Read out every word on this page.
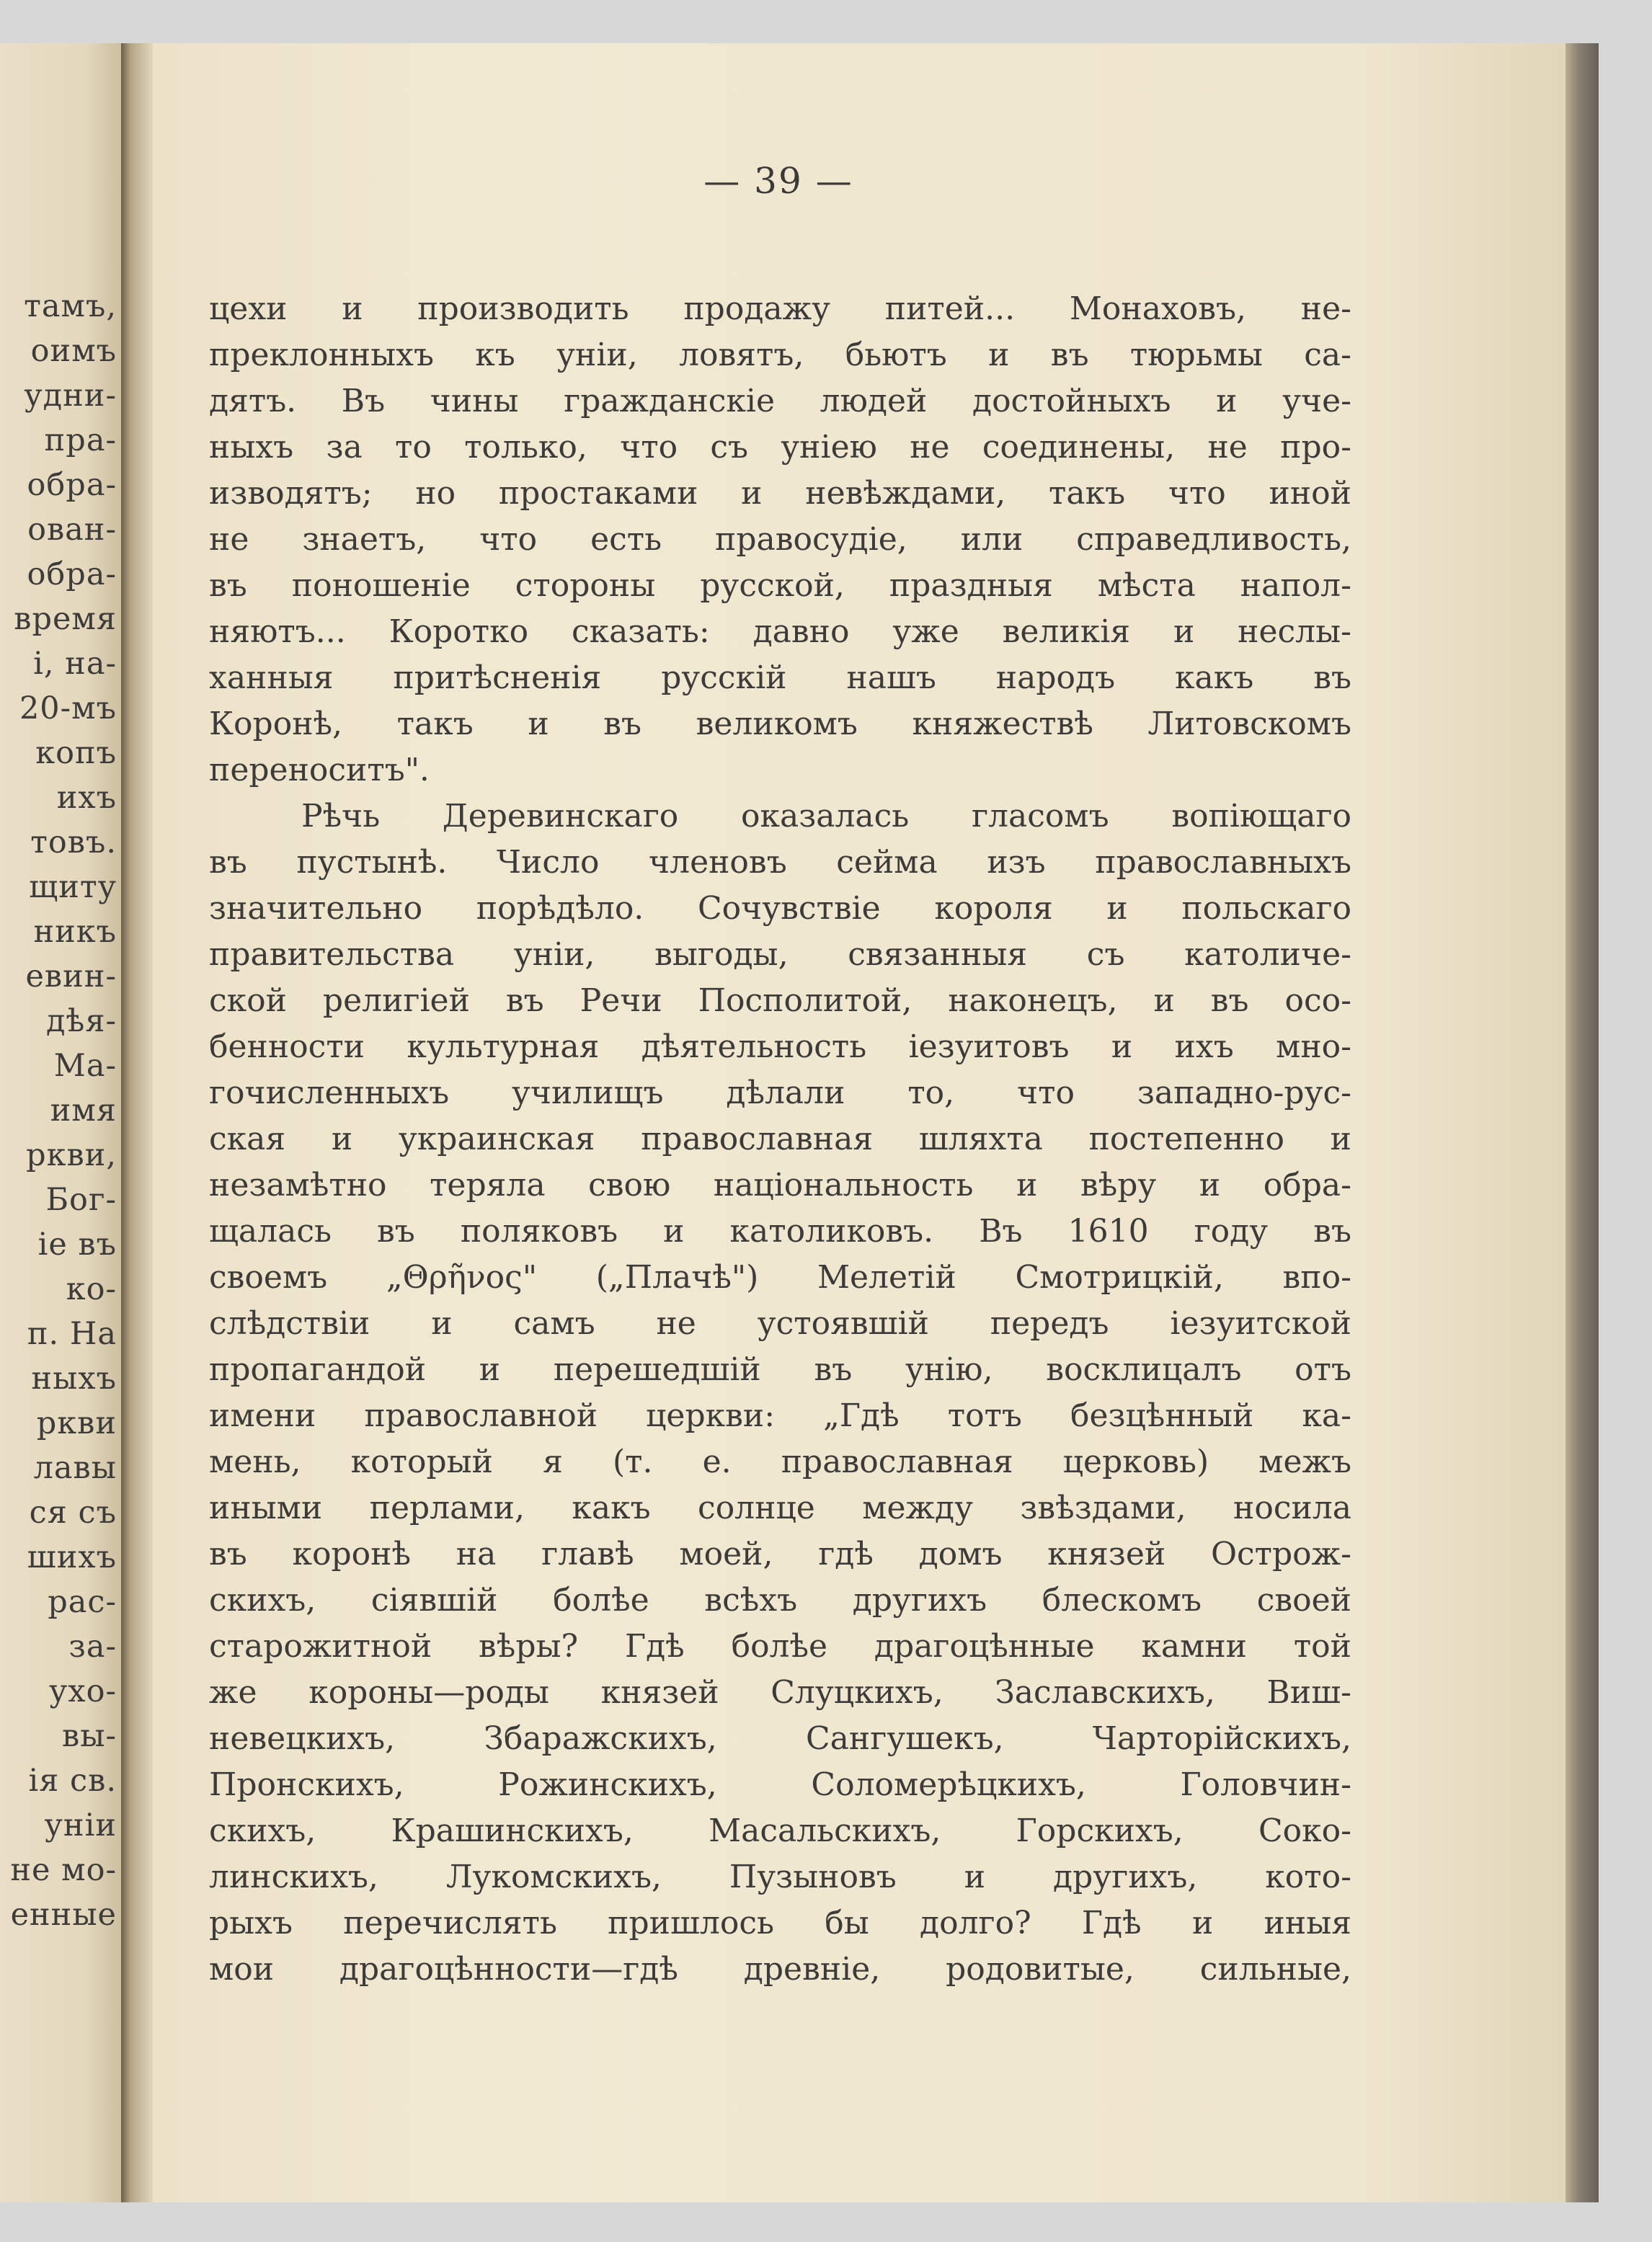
тамъ,
оимъ
удни-
пра-
обра-
ован-
обра-
время
і, на-
20-мъ
копъ
ихъ
товъ.
щиту
никъ
евин-
дѣя-
Ма-
имя
ркви,
Бог-
іе въ
ко-
п. На
ныхъ
ркви
лавы
ся съ
шихъ
рас-
за-
ухо-
вы-
ія св.
уніи
не мо-
енные
— 39 —
цехи и производить продажу питей... Монаховъ, не-
преклонныхъ къ уніи, ловятъ, бьютъ и въ тюрьмы са-
дятъ. Въ чины гражданскіе людей достойныхъ и уче-
ныхъ за то только, что съ уніею не соединены, не про-
изводятъ; но простаками и невѣждами, такъ что иной
не знаетъ, что есть правосудіе, или справедливость,
въ поношеніе стороны русской, праздныя мѣста напол-
няютъ... Коротко сказать: давно уже великія и неслы-
ханныя притѣсненія русскій нашъ народъ какъ въ
Коронѣ, такъ и въ великомъ княжествѣ Литовскомъ
переноситъ".
Рѣчь Деревинскаго оказалась гласомъ вопіющаго
въ пустынѣ. Число членовъ сейма изъ православныхъ
значительно порѣдѣло. Сочувствіе короля и польскаго
правительства уніи, выгоды, связанныя съ католиче-
ской религіей въ Речи Посполитой, наконецъ, и въ осо-
бенности культурная дѣятельность іезуитовъ и ихъ мно-
гочисленныхъ училищъ дѣлали то, что западно-рус-
ская и украинская православная шляхта постепенно и
незамѣтно теряла свою національность и вѣру и обра-
щалась въ поляковъ и католиковъ. Въ 1610 году въ
своемъ „Θρῆνος" („Плачѣ") Мелетій Смотрицкій, впо-
слѣдствіи и самъ не устоявшій передъ іезуитской
пропагандой и перешедшій въ унію, восклицалъ отъ
имени православной церкви: „Гдѣ тотъ безцѣнный ка-
мень, который я (т. е. православная церковь) межъ
иными перлами, какъ солнце между звѣздами, носила
въ коронѣ на главѣ моей, гдѣ домъ князей Острож-
скихъ, сіявшій болѣе всѣхъ другихъ блескомъ своей
старожитной вѣры? Гдѣ болѣе драгоцѣнные камни той
же короны—роды князей Слуцкихъ, Заславскихъ, Виш-
невецкихъ, Збаражскихъ, Сангушекъ, Чарторійскихъ,
Пронскихъ, Рожинскихъ, Соломерѣцкихъ, Головчин-
скихъ, Крашинскихъ, Масальскихъ, Горскихъ, Соко-
линскихъ, Лукомскихъ, Пузыновъ и другихъ, кото-
рыхъ перечислять пришлось бы долго? Гдѣ и иныя
мои драгоцѣнности—гдѣ древніе, родовитые, сильные,
